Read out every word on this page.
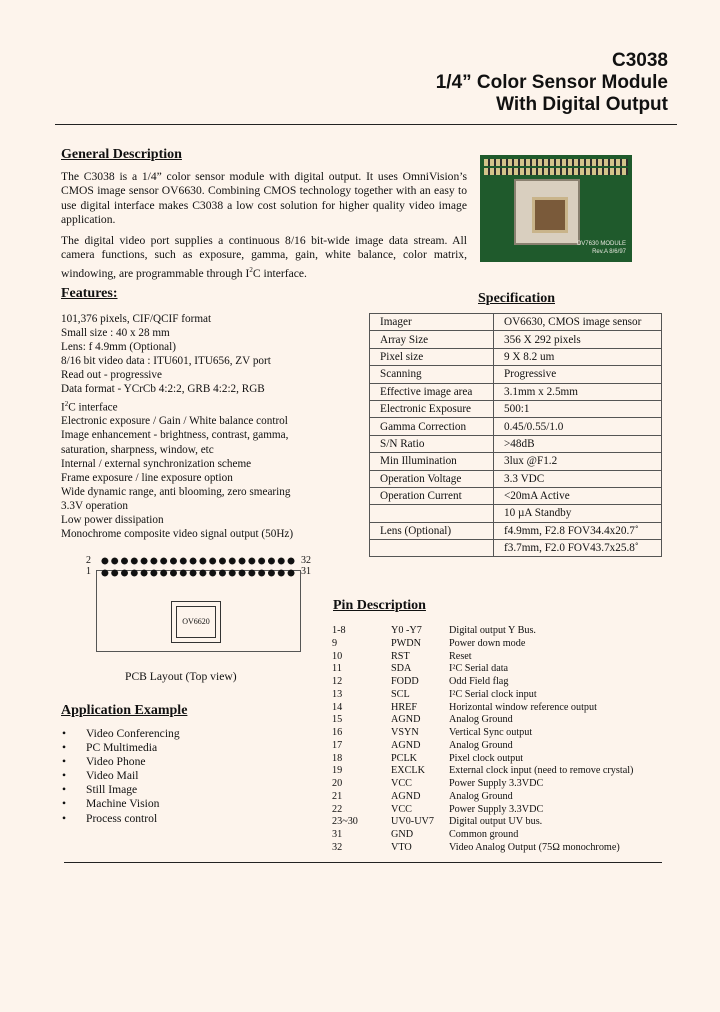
C3038
1/4” Color Sensor Module
With Digital Output
General Description
The C3038 is a 1/4” color sensor module with digital output. It uses OmniVision’s CMOS image sensor OV6630. Combining CMOS technology together with an easy to use digital interface makes C3038 a low cost solution for higher quality video image application.
The digital video port supplies a continuous 8/16 bit-wide image data stream. All camera functions, such as exposure, gamma, gain, white balance, color matrix, windowing, are programmable through $I^2C$ interface.
OV7630 MODULE
Rev.A 8/6/97
Features:
101,376 pixels, CIF/QCIF format
Small size : 40 x 28 mm
Lens: f 4.9mm (Optional)
8/16 bit video data : ITU601, ITU656, ZV port
Read out - progressive
Data format - YCrCb 4:2:2, GRB 4:2:2, RGB
$I^2C$ interface
Electronic exposure / Gain / White balance control
Image enhancement - brightness, contrast, gamma,
saturation, sharpness, window, etc
Internal / external synchronization scheme
Frame exposure / line exposure option
Wide dynamic range, anti blooming, zero smearing
3.3V operation
Low power dissipation
Monochrome composite video signal output (50Hz)
Specification
Imager	OV6630, CMOS image sensor
Array Size	356 X 292 pixels
Pixel size	9 X 8.2 um
Scanning	Progressive
Effective image area	3.1mm x 2.5mm
Electronic Exposure	500:1
Gamma Correction	0.45/0.55/1.0
S/N Ratio	>48dB
Min Illumination	3lux @F1.2
Operation Voltage	3.3 VDC
Operation Current	<20mA Active
	10 µA Standby
Lens (Optional)	f4.9mm, F2.8 FOV34.4x20.7˚
	f3.7mm, F2.0 FOV43.7x25.8˚
2
1
32
31
OV6620
PCB Layout (Top view)
Application Example
• Video Conferencing
• PC Multimedia
• Video Phone
• Video Mail
• Still Image
• Machine Vision
• Process control
Pin Description
1-8	Y0 -Y7	Digital output Y Bus.
9	PWDN	Power down mode
10	RST	Reset
11	SDA	I²C Serial data
12	FODD	Odd Field flag
13	SCL	I²C Serial clock input
14	HREF	Horizontal window reference output
15	AGND	Analog Ground
16	VSYN	Vertical Sync output
17	AGND	Analog Ground
18	PCLK	Pixel clock output
19	EXCLK	External clock input (need to remove crystal)
20	VCC	Power Supply 3.3VDC
21	AGND	Analog Ground
22	VCC	Power Supply 3.3VDC
23~30	UV0-UV7	Digital output UV bus.
31	GND	Common ground
32	VTO	Video Analog Output (75Ω monochrome)
